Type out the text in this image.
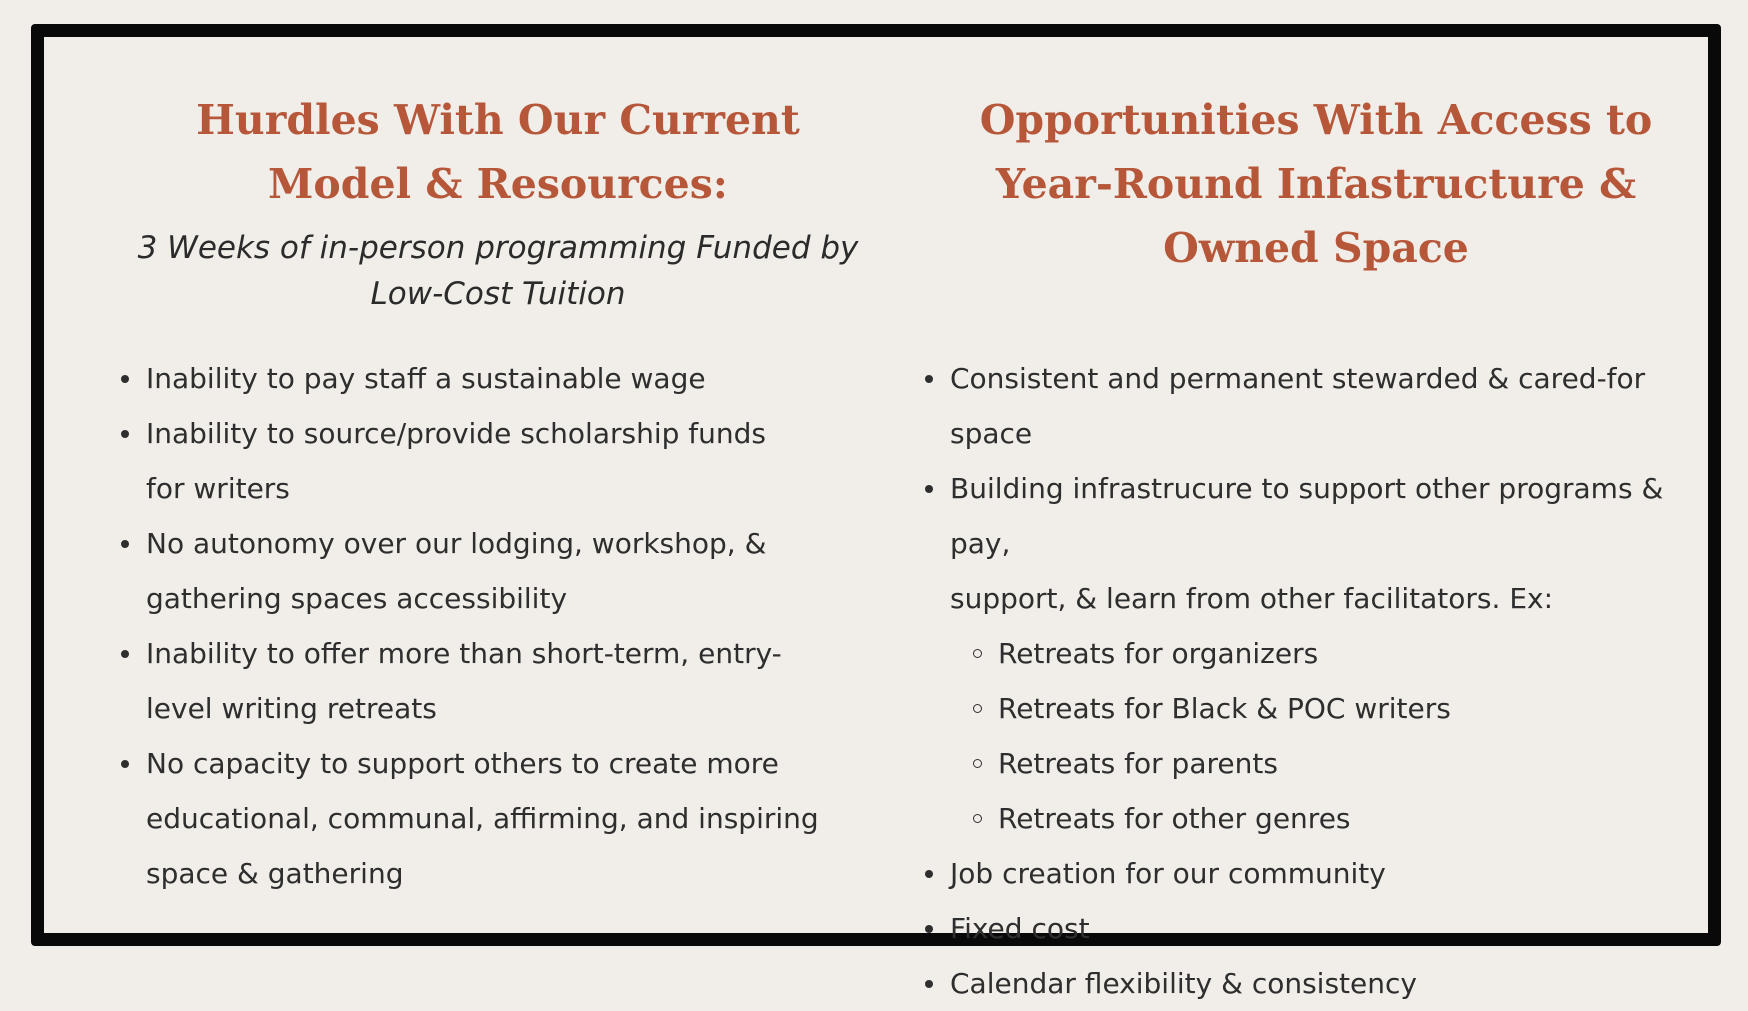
Hurdles With Our Current
Model & Resources:

3 Weeks of in-person programming Funded by
Low-Cost Tuition

Inability to pay staff a sustainable wage
Inability to source/provide scholarship funds
for writers
No autonomy over our lodging, workshop, &
gathering spaces accessibility
Inability to offer more than short-term, entry-
level writing retreats
No capacity to support others to create more
educational, communal, affirming, and inspiring
space & gathering
Opportunities With Access to
Year-Round Infastructure &
Owned Space
Consistent and permanent stewarded & cared-for
space
Building infrastrucure to support other programs & pay,
support, & learn from other facilitators. Ex:
Retreats for organizers
Retreats for Black & POC writers
Retreats for parents
Retreats for other genres
Job creation for our community
Fixed cost
Calendar flexibility & consistency
